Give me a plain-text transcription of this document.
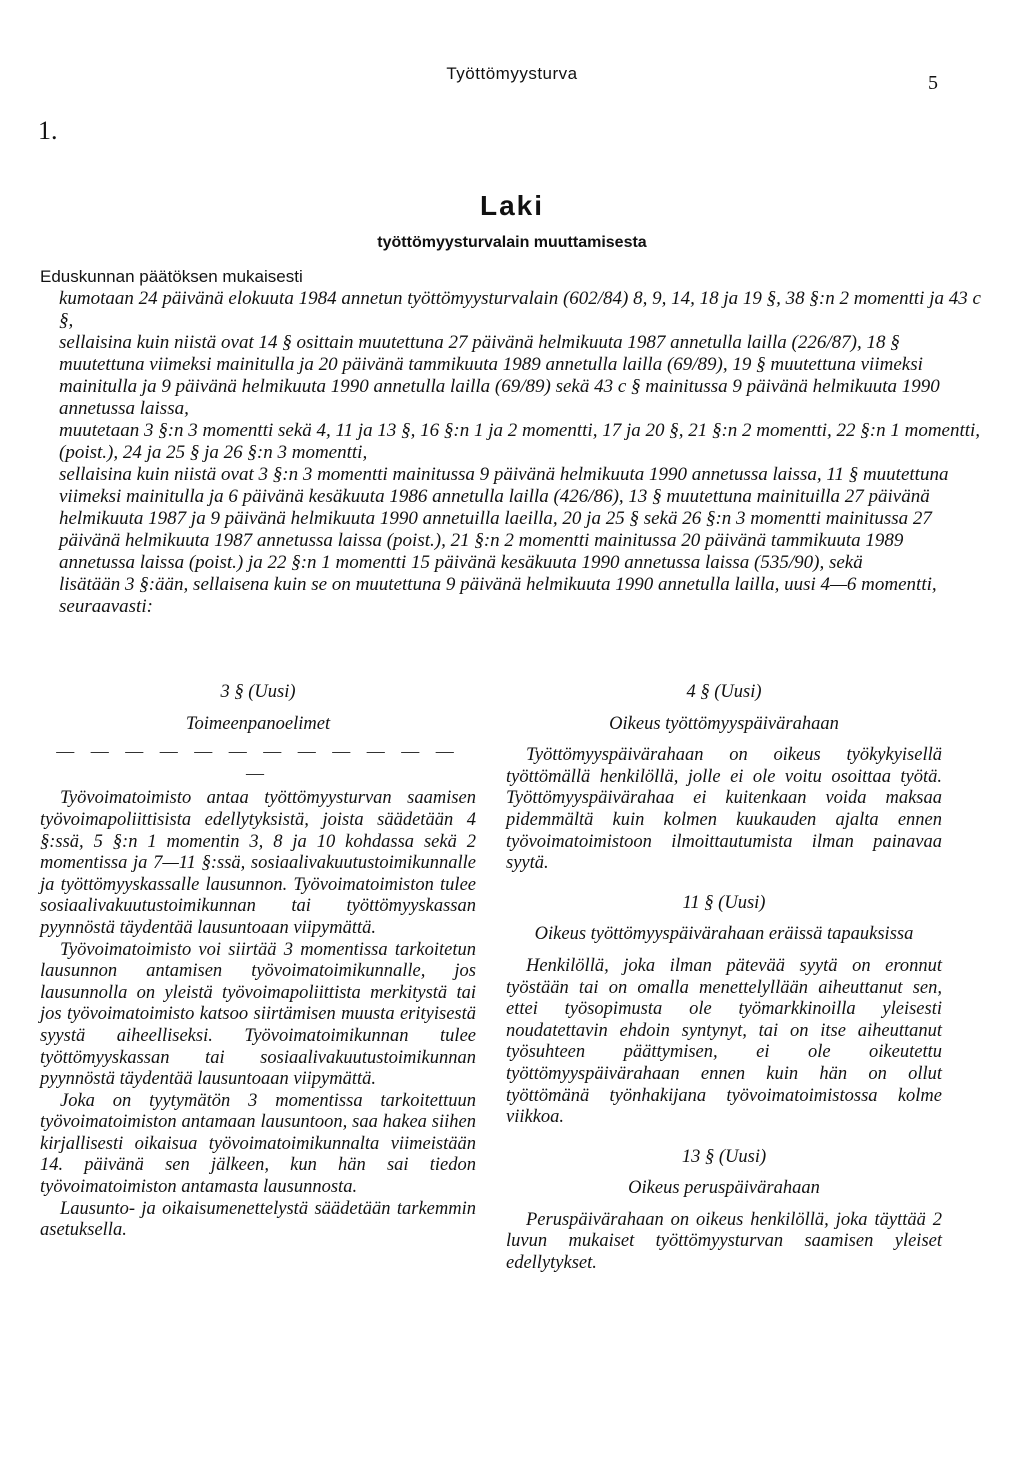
Työttömyysturva	5
1.
Laki
työttömyysturvalain muuttamisesta

Eduskunnan päätöksen mukaisesti

kumotaan 24 päivänä elokuuta 1984 annetun työttömyysturvalain (602/84) 8, 9, 14, 18 ja 19 §, 38 §:n 2 momentti ja 43 c §,

sellaisina kuin niistä ovat 14 § osittain muutettuna 27 päivänä helmikuuta 1987 annetulla lailla (226/87), 18 § muutettuna viimeksi mainitulla ja 20 päivänä tammikuuta 1989 annetulla lailla (69/89), 19 § muutettuna viimeksi mainitulla ja 9 päivänä helmikuuta 1990 annetulla lailla (69/89) sekä 43 c § mainitussa 9 päivänä helmikuuta 1990 annetussa laissa,

muutetaan 3 §:n 3 momentti sekä 4, 11 ja 13 §, 16 §:n 1 ja 2 momentti, 17 ja 20 §, 21 §:n 2 momentti, 22 §:n 1 momentti, (poist.), 24 ja 25 § ja 26 §:n 3 momentti,

sellaisina kuin niistä ovat 3 §:n 3 momentti mainitussa 9 päivänä helmikuuta 1990 annetussa laissa, 11 § muutettuna viimeksi mainitulla ja 6 päivänä kesäkuuta 1986 annetulla lailla (426/86), 13 § muutettuna mainituilla 27 päivänä helmikuuta 1987 ja 9 päivänä helmikuuta 1990 annetuilla laeilla, 20 ja 25 § sekä 26 §:n 3 momentti mainitussa 27 päivänä helmikuuta 1987 annetussa laissa (poist.), 21 §:n 2 momentti mainitussa 20 päivänä tammikuuta 1989 annetussa laissa (poist.) ja 22 §:n 1 momentti 15 päivänä kesäkuuta 1990 annetussa laissa (535/90), sekä

lisätään 3 §:ään, sellaisena kuin se on muutettuna 9 päivänä helmikuuta 1990 annetulla lailla, uusi 4—6 momentti, seuraavasti:

3 § (Uusi)

Toimeenpanoelimet

— — — — — — — — — — — — —

Työvoimatoimisto antaa työttömyysturvan saamisen työvoimapoliittisista edellytyksistä, joista säädetään 4 §:ssä, 5 §:n 1 momentin 3, 8 ja 10 kohdassa sekä 2 momentissa ja 7—11 §:ssä, sosiaalivakuutustoimikunnalle ja työttömyyskassalle lausunnon. Työvoimatoimiston tulee sosiaalivakuutustoimikunnan tai työttömyyskassan pyynnöstä täydentää lausuntoaan viipymättä.

Työvoimatoimisto voi siirtää 3 momentissa tarkoitetun lausunnon antamisen työvoimatoimikunnalle, jos lausunnolla on yleistä työvoimapoliittista merkitystä tai jos työvoimatoimisto katsoo siirtämisen muusta erityisestä syystä aiheelliseksi. Työvoimatoimikunnan tulee työttömyyskassan tai sosiaalivakuutustoimikunnan pyynnöstä täydentää lausuntoaan viipymättä.

Joka on tyytymätön 3 momentissa tarkoitettuun työvoimatoimiston antamaan lausuntoon, saa hakea siihen kirjallisesti oikaisua työvoimatoimikunnalta viimeistään 14. päivänä sen jälkeen, kun hän sai tiedon työvoimatoimiston antamasta lausunnosta.

Lausunto- ja oikaisumenettelystä säädetään tarkemmin asetuksella.

4 § (Uusi)

Oikeus työttömyyspäivärahaan

Työttömyyspäivärahaan on oikeus työkykyisellä työttömällä henkilöllä, jolle ei ole voitu osoittaa työtä. Työttömyyspäivärahaa ei kuitenkaan voida maksaa pidemmältä kuin kolmen kuukauden ajalta ennen työvoimatoimistoon ilmoittautumista ilman painavaa syytä.

11 § (Uusi)

Oikeus työttömyyspäivärahaan eräissä tapauksissa

Henkilöllä, joka ilman pätevää syytä on eronnut työstään tai on omalla menettelyllään aiheuttanut sen, ettei työsopimusta ole työmarkkinoilla yleisesti noudatettavin ehdoin syntynyt, tai on itse aiheuttanut työsuhteen päättymisen, ei ole oikeutettu työttömyyspäivärahaan ennen kuin hän on ollut työttömänä työnhakijana työvoimatoimistossa kolme viikkoa.

13 § (Uusi)

Oikeus peruspäivärahaan

Peruspäivärahaan on oikeus henkilöllä, joka täyttää 2 luvun mukaiset työttömyysturvan saamisen yleiset edellytykset.
